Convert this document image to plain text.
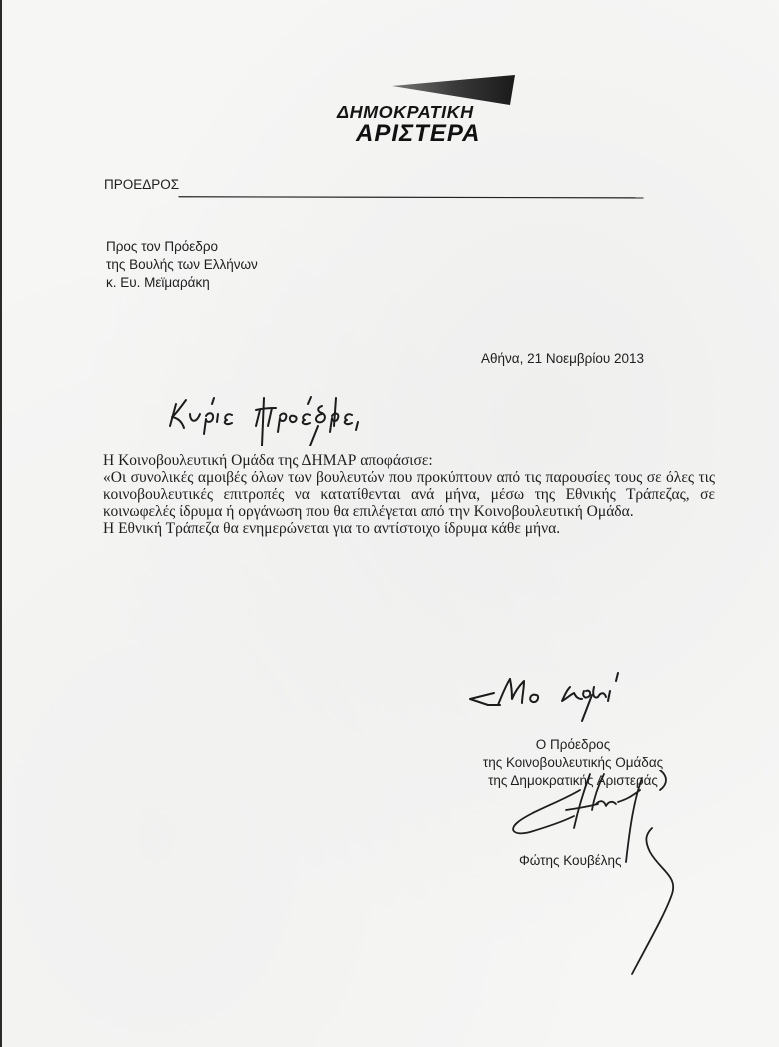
ΔΗΜΟΚΡΑΤΙΚΗ
ΑΡΙΣΤΕΡΑ
ΠΡΟΕΔΡΟΣ
Προς τον Πρόεδρο
της Βουλής των Ελλήνων
κ. Ευ. Μεϊμαράκη
Αθήνα, 21 Νοεμβρίου 2013

Η Κοινοβουλευτική Ομάδα της ΔΗΜΑΡ αποφάσισε:

«Οι συνολικές αμοιβές όλων των βουλευτών που προκύπτουν από τις παρουσίες τους σε όλες τις κοινοβουλευτικές επιτροπές να κατατίθενται ανά μήνα, μέσω της Εθνικής Τράπεζας, σε κοινωφελές ίδρυμα ή οργάνωση που θα επιλέγεται από την Κοινοβουλευτική Ομάδα.

Η Εθνική Τράπεζα θα ενημερώνεται για το αντίστοιχο ίδρυμα κάθε μήνα.

Ο Πρόεδρος
της Κοινοβουλευτικής Ομάδας
της Δημοκρατικής Αριστεράς
Φώτης Κουβέλης
